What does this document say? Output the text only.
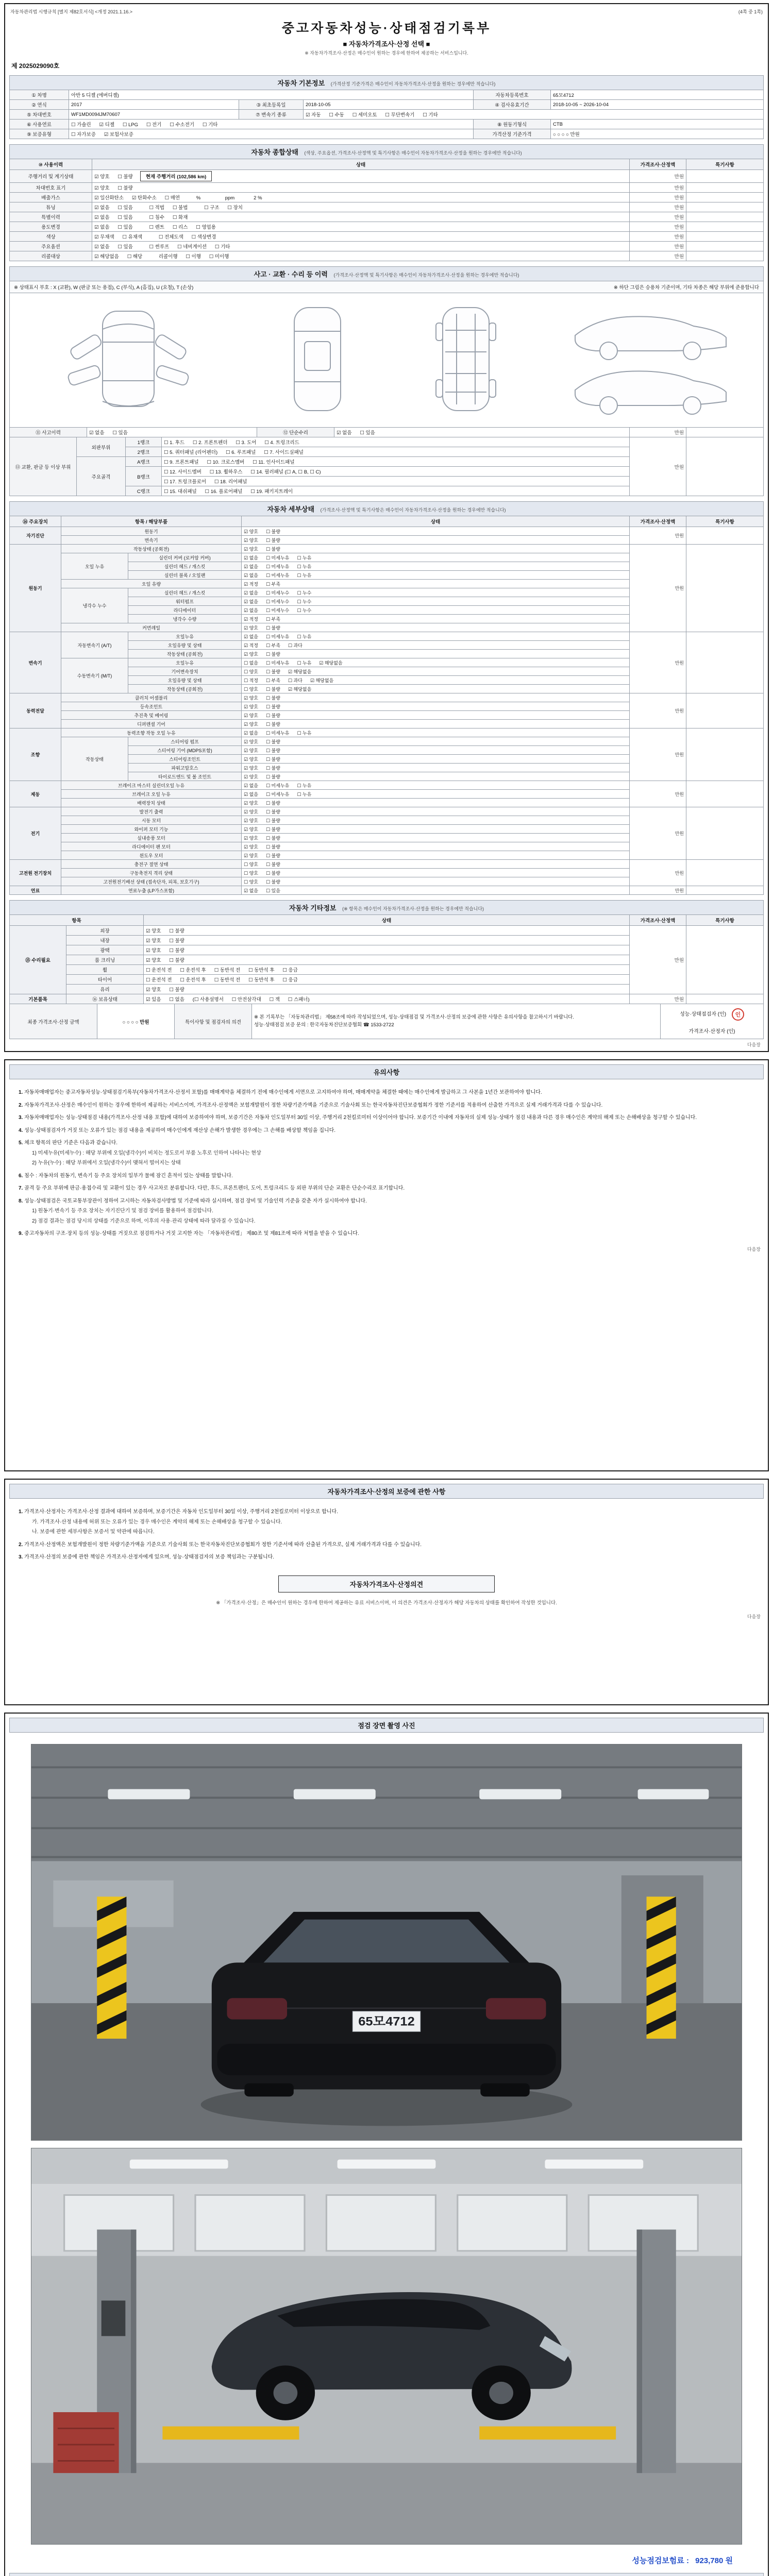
자동차관리법 시행규칙 [별지 제82호서식] <개정 2021.1.16.>	(4쪽 중 1쪽)
중고자동차성능·상태점검기록부
■ 자동차가격조사·산정 선택 ■
※ 자동차가격조사·산정은 매수인이 원하는 경우에 한하여 제공하는 서비스입니다.
제 2025029090호
자동차 기본정보 (가격산정 기준가격은 매수인이 자동차가격조사·산정을 원하는 경우에만 적습니다)
① 차명	아반 5 디젤 (에버디젤)			자동차등록번호	65모4712
② 연식	2017	③ 최초등록일	2018-10-05	④ 검사유효기간	2018-10-05 ~ 2026-10-04
⑤ 차대번호	WF1MD0094JM70607	⑦ 변속기 종류	☑ 자동      ☐ 수동      ☐ 세미오토      ☐ 무단변속기      ☐ 기타		
⑥ 사용연료	☐ 가솔린      ☑ 디젤      ☐ LPG      ☐ 전기      ☐ 수소전기      ☐ 기타			⑧ 원동기형식	CTB
⑨ 보증유형	☐ 자가보증      ☑ 보험사보증			가격산정 기준가격	○ ○ ○ ○ 만원
자동차 종합상태 (색상, 주요옵션, 가격조사·산정액 및 특기사항은 매수인이 자동차가격조사·산정을 원하는 경우에만 적습니다)
⑩ 사용이력	상태	가격조사·산정액	특기사항
주행거리 및 계기상태	☑ 양호      ☐ 불량 현재 주행거리 (102,586 km)	만원	
차대번호 표기	☑ 양호      ☐ 불량	만원	
배출가스	☑ 일산화탄소      ☑ 탄화수소      ☐ 매연            %                  ppm              2 %	만원	
튜닝	☑ 없음      ☐ 있음            ☐ 적법      ☐ 불법            ☐ 구조      ☐ 장치	만원	
특별이력	☑ 없음      ☐ 있음            ☐ 침수      ☐ 화재	만원	
용도변경	☑ 없음      ☐ 있음            ☐ 렌트      ☐ 리스      ☐ 영업용	만원	
색상	☑ 무채색      ☐ 유채색            ☐ 전체도색      ☐ 색상변경	만원	
주요옵션	☑ 없음      ☐ 있음            ☐ 썬루프      ☐ 네비게이션      ☐ 기타	만원	
리콜대상	☑ 해당없음      ☐ 해당            리콜이행      ☐ 이행      ☐ 미이행	만원	
사고 · 교환 · 수리 등 이력 (가격조사·산정액 및 특기사항은 매수인이 자동차가격조사·산정을 원하는 경우에만 적습니다)
※ 상태표시 부호 : X (교환), W (판금 또는 용접), C (부식), A (흠집), U (요철), T (손상)	※ 하단 그림은 승용차 기준이며, 기타 차종은 해당 부위에 준용합니다
⑪ 사고이력	☑ 없음      ☐ 있음	⑫ 단순수리	☑ 없음      ☐ 있음	만원	
⑬ 교환, 판금 등 이상 부위	외판부위	1랭크	☐ 1. 후드      ☐ 2. 프론트펜더      ☐ 3. 도어      ☐ 4. 트렁크리드	만원	
		2랭크	☐ 5. 쿼터패널 (리어펜더)      ☐ 6. 루프패널      ☐ 7. 사이드실패널		
	주요골격	A랭크	☐ 9. 프론트패널      ☐ 10. 크로스멤버      ☐ 11. 인사이드패널		
		B랭크	☐ 12. 사이드멤버      ☐ 13. 휠하우스      ☐ 14. 필러패널 (☐ A, ☐ B, ☐ C)		
			☐ 17. 트렁크플로어      ☐ 18. 리어패널		
		C랭크	☐ 15. 대쉬패널      ☐ 16. 플로어패널      ☐ 19. 패키지트레이		
자동차 세부상태 (가격조사·산정액 및 특기사항은 매수인이 자동차가격조사·산정을 원하는 경우에만 적습니다)
⑭ 주요장치	항목 / 해당부품		상태	가격조사·산정액	특기사항
자기진단	원동기		☑ 양호      ☐ 불량	만원	
	변속기		☑ 양호      ☐ 불량		
원동기	작동상태 (공회전)		☑ 양호      ☐ 불량	만원	
	오일 누유	실린더 커버 (로커암 커버)	☑ 없음      ☐ 미세누유      ☐ 누유		
		실린더 헤드 / 개스킷	☑ 없음      ☐ 미세누유      ☐ 누유		
		실린더 블록 / 오일팬	☑ 없음      ☐ 미세누유      ☐ 누유		
	오일 유량		☑ 적정      ☐ 부족		
	냉각수 누수	실린더 헤드 / 개스킷	☑ 없음      ☐ 미세누수      ☐ 누수		
		워터펌프	☑ 없음      ☐ 미세누수      ☐ 누수		
		라디에이터	☑ 없음      ☐ 미세누수      ☐ 누수		
		냉각수 수량	☑ 적정      ☐ 부족		
	커먼레일		☑ 양호      ☐ 불량		
변속기	자동변속기 (A/T)	오일누유	☑ 없음      ☐ 미세누유      ☐ 누유	만원	
		오일유량 및 상태	☑ 적정      ☐ 부족      ☐ 과다		
		작동상태 (공회전)	☑ 양호      ☐ 불량		
	수동변속기 (M/T)	오일누유	☐ 없음      ☐ 미세누유      ☐ 누유      ☑ 해당없음		
		기어변속장치	☐ 양호      ☐ 불량      ☑ 해당없음		
		오일유량 및 상태	☐ 적정      ☐ 부족      ☐ 과다      ☑ 해당없음		
		작동상태 (공회전)	☐ 양호      ☐ 불량      ☑ 해당없음		
동력전달	클러치 어셈블리		☑ 양호      ☐ 불량	만원	
	등속조인트		☑ 양호      ☐ 불량		
	추진축 및 베어링		☑ 양호      ☐ 불량		
	디퍼렌셜 기어		☑ 양호      ☐ 불량		
조향	동력조향 작동 오일 누유		☑ 없음      ☐ 미세누유      ☐ 누유	만원	
	작동상태	스티어링 펌프	☑ 양호      ☐ 불량		
		스티어링 기어 (MDPS포함)	☑ 양호      ☐ 불량		
		스티어링조인트	☑ 양호      ☐ 불량		
		파워고압호스	☑ 양호      ☐ 불량		
		타이로드엔드 및 볼 조인트	☑ 양호      ☐ 불량		
제동	브레이크 마스터 실린더오일 누유		☑ 없음      ☐ 미세누유      ☐ 누유	만원	
	브레이크 오일 누유		☑ 없음      ☐ 미세누유      ☐ 누유		
	배력장치 상태		☑ 양호      ☐ 불량		
전기	발전기 출력		☑ 양호      ☐ 불량	만원	
	시동 모터		☑ 양호      ☐ 불량		
	와이퍼 모터 기능		☑ 양호      ☐ 불량		
	실내송풍 모터		☑ 양호      ☐ 불량		
	라디에이터 팬 모터		☑ 양호      ☐ 불량		
	윈도우 모터		☑ 양호      ☐ 불량		
고전원 전기장치	충전구 절연 상태		☐ 양호      ☐ 불량	만원	
	구동축전지 격리 상태		☐ 양호      ☐ 불량		
	고전원전기배선 상태 (접속단자, 피복, 보호기구)		☐ 양호      ☐ 불량		
연료	연료누출 (LP가스포함)		☑ 없음      ☐ 있음	만원	
자동차 기타정보 (※ 항목은 매수인이 자동차가격조사·산정을 원하는 경우에만 적습니다)
항목		상태	가격조사·산정액	특기사항
⑮ 수리필요	외장	☑ 양호      ☐ 불량	만원	
	내장	☑ 양호      ☐ 불량		
	광택	☑ 양호      ☐ 불량		
	룸 크리닝	☑ 양호      ☐ 불량		
	휠	☐ 운전석 전      ☐ 운전석 후      ☐ 동반석 전      ☐ 동반석 후      ☐ 응급		
	타이어	☐ 운전석 전      ☐ 운전석 후      ☐ 동반석 전      ☐ 동반석 후      ☐ 응급		
	유리	☑ 양호      ☐ 불량		
기본품목	⑯ 보유상태	☑ 있음      ☐ 없음      (☐ 사용설명서      ☐ 안전삼각대      ☐ 잭      ☐ 스패너)	만원	
최종 가격조사·산정 금액	○ ○ ○ ○ 만원	특이사항 및 점검자의 의견	
※ 본 기록부는 「자동차관리법」 제58조에 따라 작성되었으며, 성능·상태점검 및 가격조사·산정의 보증에 관한 사항은 유의사항을 참고하시기 바랍니다.
성능·상태점검 보증 문의 : 한국자동차진단보증협회 ☎ 1533-2722

성능·상태점검자 (인) 인
가격조사·산정자 (인)
다음장
유의사항
1. 자동차매매업자는 중고자동차성능·상태점검기록부(자동차가격조사·산정서 포함)를 매매계약을 체결하기 전에 매수인에게 서면으로 고지하여야 하며, 매매계약을 체결한 때에는 매수인에게 발급하고 그 사본을 1년간 보관하여야 합니다.
2. 자동차가격조사·산정은 매수인이 원하는 경우에 한하여 제공하는 서비스이며, 가격조사·산정액은 보험개발원이 정한 차량기준가액을 기준으로 기술사회 또는 한국자동차진단보증협회가 정한 기준서를 적용하여 산출한 가격으로 실제 거래가격과 다를 수 있습니다.
3. 자동차매매업자는 성능·상태점검 내용(가격조사·산정 내용 포함)에 대하여 보증하여야 하며, 보증기간은 자동차 인도일부터 30일 이상, 주행거리 2천킬로미터 이상이어야 합니다. 보증기간 이내에 자동차의 실제 성능·상태가 점검 내용과 다른 경우 매수인은 계약의 해제 또는 손해배상을 청구할 수 있습니다.
4. 성능·상태점검자가 거짓 또는 오류가 있는 점검 내용을 제공하여 매수인에게 재산상 손해가 발생한 경우에는 그 손해를 배상할 책임을 집니다.
5. 체크 항목의 판단 기준은 다음과 같습니다.
1) 미세누유(미세누수) : 해당 부위에 오일(냉각수)이 비치는 정도로서 부품 노후로 인하여 나타나는 현상
2) 누유(누수) : 해당 부위에서 오일(냉각수)이 맺혀서 떨어지는 상태
6. 침수 : 자동차의 원동기, 변속기 등 주요 장치의 일부가 물에 잠긴 흔적이 있는 상태를 말합니다.
7. 골격 등 주요 부위에 판금·용접수리 및 교환이 있는 경우 사고차로 분류합니다. 다만, 후드, 프론트펜더, 도어, 트렁크리드 등 외판 부위의 단순 교환은 단순수리로 표기합니다.
8. 성능·상태점검은 국토교통부장관이 정하여 고시하는 자동차검사방법 및 기준에 따라 실시하며, 점검 장비 및 기술인력 기준을 갖춘 자가 실시하여야 합니다.
1) 원동기·변속기 등 주요 장치는 자기진단기 및 점검 장비를 활용하여 점검합니다.
2) 점검 결과는 점검 당시의 상태를 기준으로 하며, 이후의 사용·관리 상태에 따라 달라질 수 있습니다.
9. 중고자동차의 구조·장치 등의 성능·상태를 거짓으로 점검하거나 거짓 고지한 자는 「자동차관리법」 제80조 및 제81조에 따라 처벌을 받을 수 있습니다.
다음장
자동차가격조사·산정의 보증에 관한 사항
1. 가격조사·산정자는 가격조사·산정 결과에 대하여 보증하며, 보증기간은 자동차 인도일부터 30일 이상, 주행거리 2천킬로미터 이상으로 합니다.
가. 가격조사·산정 내용에 허위 또는 오류가 있는 경우 매수인은 계약의 해제 또는 손해배상을 청구할 수 있습니다.
나. 보증에 관한 세부사항은 보증서 및 약관에 따릅니다.
2. 가격조사·산정액은 보험개발원이 정한 차량기준가액을 기준으로 기술사회 또는 한국자동차진단보증협회가 정한 기준서에 따라 산출된 가격으로, 실제 거래가격과 다를 수 있습니다.
3. 가격조사·산정의 보증에 관한 책임은 가격조사·산정자에게 있으며, 성능·상태점검자의 보증 책임과는 구분됩니다.
자동차가격조사·산정의견
※ 「가격조사·산정」은 매수인이 원하는 경우에 한하여 제공하는 유료 서비스이며, 이 의견은 가격조사·산정자가 해당 자동차의 상태를 확인하여 작성한 것입니다.
다음장
점검 장면 촬영 사진
65모4712
성능점검보험료 : 923,780 원
